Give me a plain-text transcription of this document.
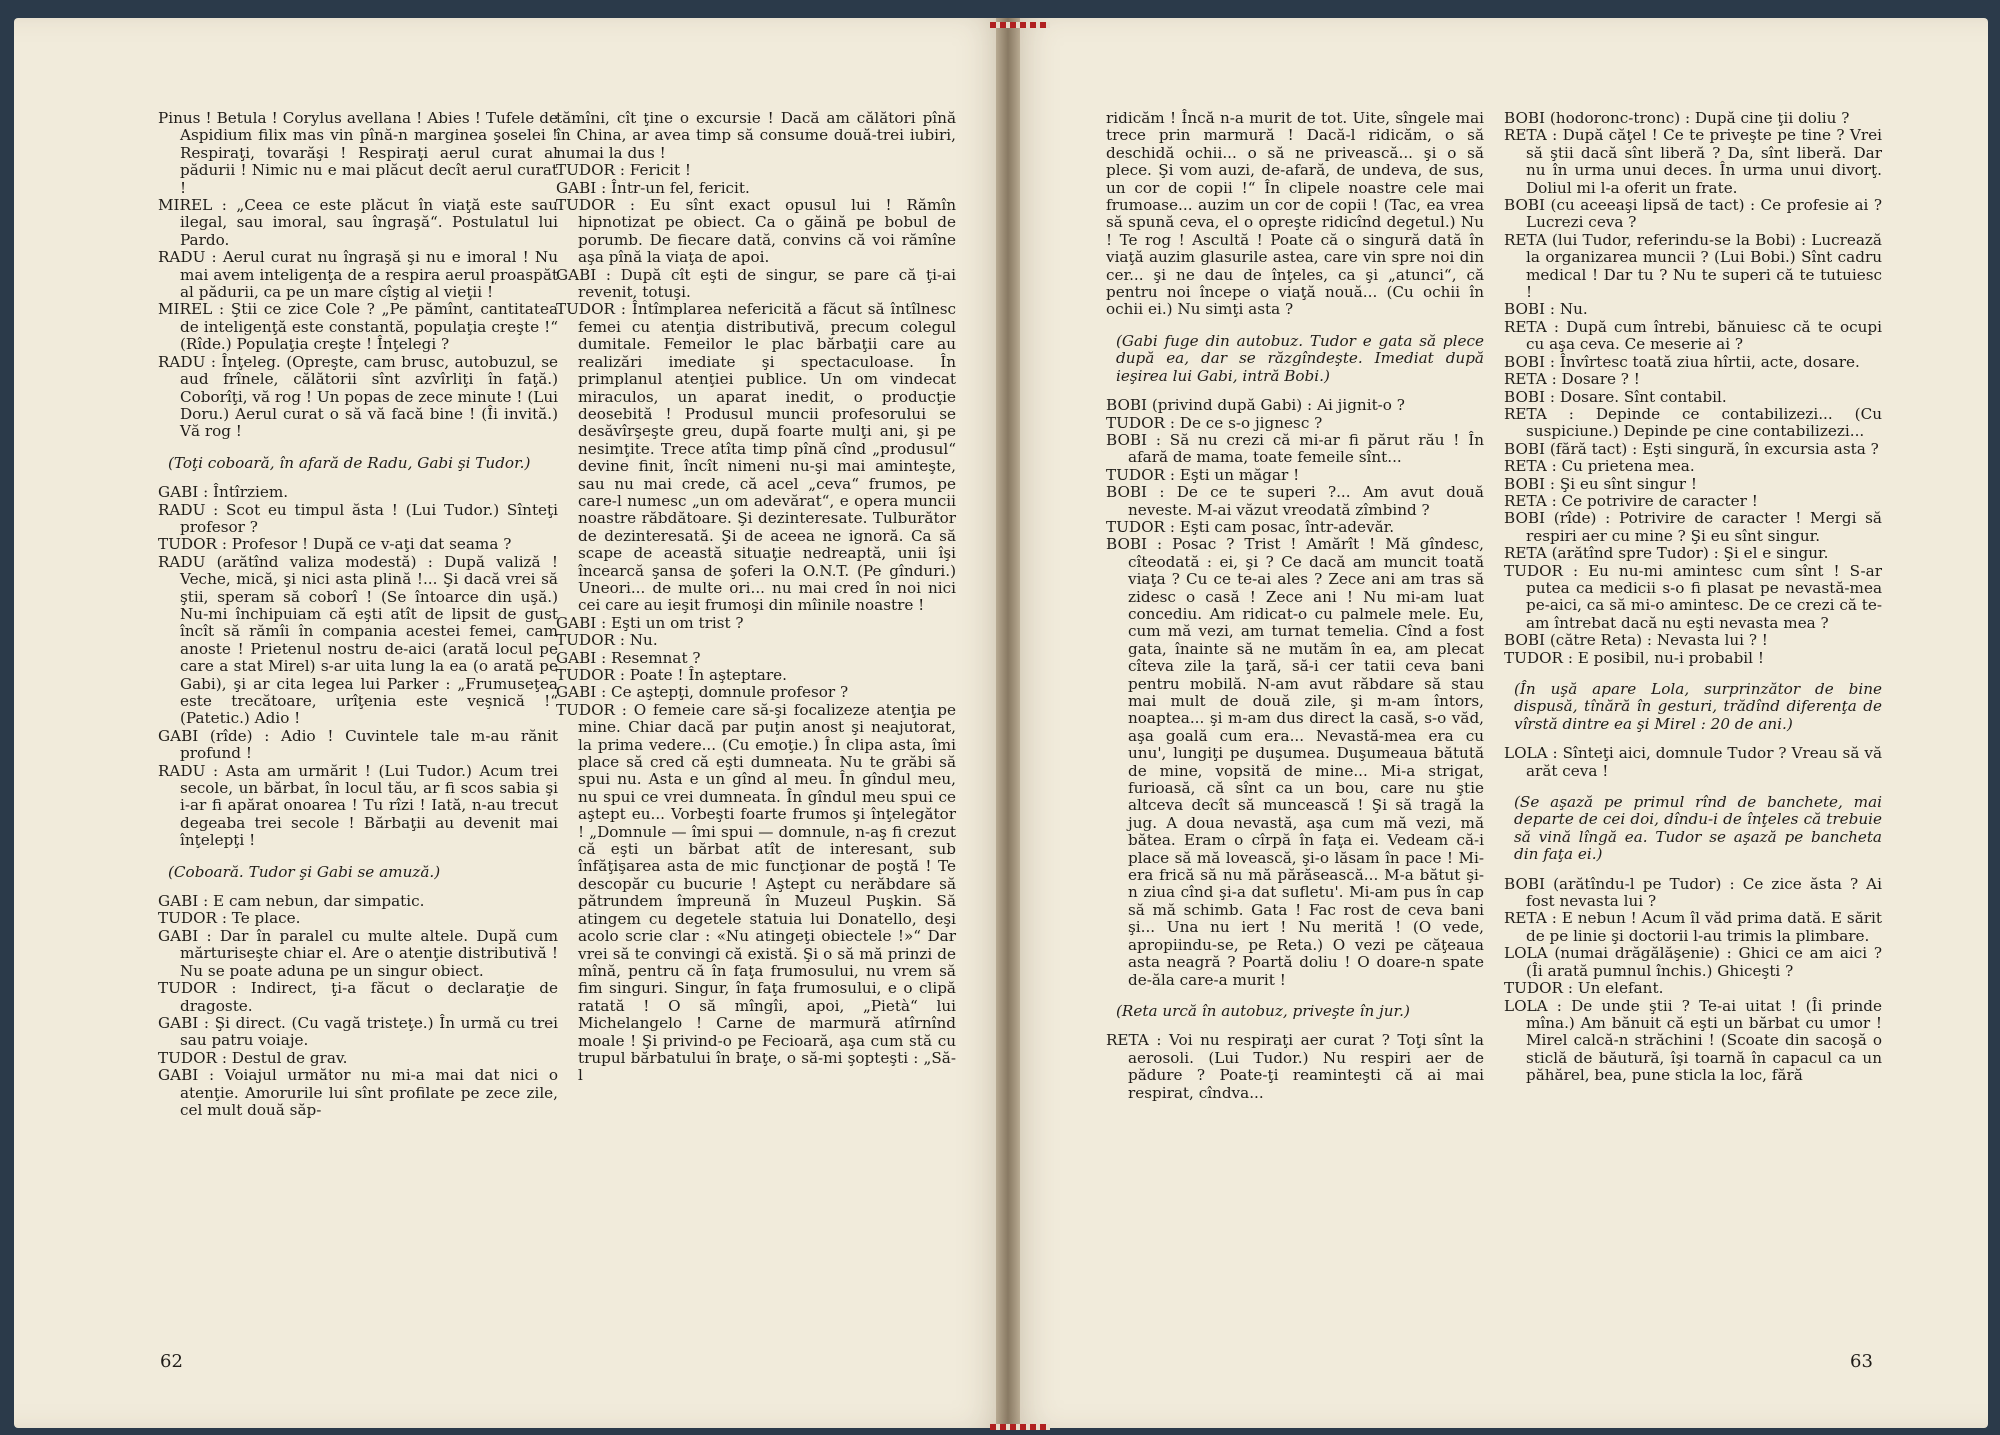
Pinus ! Betula ! Corylus avellana ! Abies ! Tufele de Aspidium filix mas vin pînă-n marginea şoselei ! Respiraţi, tovarăşi ! Respiraţi aerul curat al pădurii ! Nimic nu e mai plăcut decît aerul curat !

MIREL : „Ceea ce este plăcut în viaţă este sau ilegal, sau imoral, sau îngraşă“. Postulatul lui Pardo.

RADU : Aerul curat nu îngraşă şi nu e imoral ! Nu mai avem inteligenţa de a respira aerul proaspăt al pădurii, ca pe un mare cîştig al vieţii !

MIREL : Ştii ce zice Cole ? „Pe pămînt, cantitatea de inteligenţă este constantă, populaţia creşte !“ (Rîde.) Populaţia creşte ! Înţelegi ?

RADU : Înţeleg. (Opreşte, cam brusc, autobuzul, se aud frînele, călătorii sînt azvîrliţi în faţă.) Coborîţi, vă rog ! Un popas de zece minute ! (Lui Doru.) Aerul curat o să vă facă bine ! (Îi invită.) Vă rog !

(Toţi coboară, în afară de Radu, Gabi şi Tudor.)

GABI : Întîrziem.

RADU : Scot eu timpul ăsta ! (Lui Tudor.) Sînteţi profesor ?

TUDOR : Profesor ! După ce v-aţi dat seama ?

RADU (arătînd valiza modestă) : După valiză ! Veche, mică, şi nici asta plină !... Şi dacă vrei să ştii, speram să coborî ! (Se întoarce din uşă.) Nu-mi închipuiam că eşti atît de lipsit de gust încît să rămîi în compania acestei femei, cam anoste ! Prietenul nostru de-aici (arată locul pe care a stat Mirel) s-ar uita lung la ea (o arată pe Gabi), şi ar cita legea lui Parker : „Frumuseţea este trecătoare, urîţenia este veşnică !“ (Patetic.) Adio !

GABI (rîde) : Adio ! Cuvintele tale m-au rănit profund !

RADU : Asta am urmărit ! (Lui Tudor.) Acum trei secole, un bărbat, în locul tău, ar fi scos sabia şi i-ar fi apărat onoarea ! Tu rîzi ! Iată, n-au trecut degeaba trei secole ! Bărbaţii au devenit mai înţelepţi !

(Coboară. Tudor şi Gabi se amuză.)

GABI : E cam nebun, dar simpatic.

TUDOR : Te place.

GABI : Dar în paralel cu multe altele. După cum mărturiseşte chiar el. Are o atenţie distributivă ! Nu se poate aduna pe un singur obiect.

TUDOR : Indirect, ţi-a făcut o declaraţie de dragoste.

GABI : Şi direct. (Cu vagă tristeţe.) În urmă cu trei sau patru voiaje.

TUDOR : Destul de grav.

GABI : Voiajul următor nu mi-a mai dat nici o atenţie. Amorurile lui sînt profilate pe zece zile, cel mult două săp-

tămîni, cît ţine o excursie ! Dacă am călători pînă în China, ar avea timp să consume două-trei iubiri, numai la dus !

TUDOR : Fericit !

GABI : Într-un fel, fericit.

TUDOR : Eu sînt exact opusul lui ! Rămîn hipnotizat pe obiect. Ca o găină pe bobul de porumb. De fiecare dată, convins că voi rămîne aşa pînă la viaţa de apoi.

GABI : După cît eşti de singur, se pare că ţi-ai revenit, totuşi.

TUDOR : Întîmplarea nefericită a făcut să întîlnesc femei cu atenţia distributivă, precum colegul dumitale. Femeilor le plac bărbaţii care au realizări imediate şi spectaculoase. În primplanul atenţiei publice. Un om vindecat miraculos, un aparat inedit, o producţie deosebită ! Produsul muncii profesorului se desăvîrşeşte greu, după foarte mulţi ani, şi pe nesimţite. Trece atîta timp pînă cînd „produsul“ devine finit, încît nimeni nu-şi mai aminteşte, sau nu mai crede, că acel „ceva“ frumos, pe care-l numesc „un om adevărat“, e opera muncii noastre răbdătoare. Şi dezinteresate. Tulburător de dezinteresată. Şi de aceea ne ignoră. Ca să scape de această situaţie nedreaptă, unii îşi încearcă şansa de şoferi la O.N.T. (Pe gînduri.) Uneori... de multe ori... nu mai cred în noi nici cei care au ieşit frumoşi din mîinile noastre !

GABI : Eşti un om trist ?

TUDOR : Nu.

GABI : Resemnat ?

TUDOR : Poate ! În aşteptare.

GABI : Ce aştepţi, domnule profesor ?

TUDOR : O femeie care să-şi focalizeze atenţia pe mine. Chiar dacă par puţin anost şi neajutorat, la prima vedere... (Cu emoţie.) În clipa asta, îmi place să cred că eşti dumneata. Nu te grăbi să spui nu. Asta e un gînd al meu. În gîndul meu, nu spui ce vrei dumneata. În gîndul meu spui ce aştept eu... Vorbeşti foarte frumos şi înţelegător ! „Domnule — îmi spui — domnule, n-aş fi crezut că eşti un bărbat atît de interesant, sub înfăţişarea asta de mic funcţionar de poştă ! Te descopăr cu bucurie ! Aştept cu nerăbdare să pătrundem împreună în Muzeul Puşkin. Să atingem cu degetele statuia lui Donatello, deşi acolo scrie clar : «Nu atingeţi obiectele !»“ Dar vrei să te convingi că există. Şi o să mă prinzi de mînă, pentru că în faţa frumosului, nu vrem să fim singuri. Singur, în faţa frumosului, e o clipă ratată ! O să mîngîi, apoi, „Pietà“ lui Michelangelo ! Carne de marmură atîrnînd moale ! Şi privind-o pe Fecioară, aşa cum stă cu trupul bărbatului în braţe, o să-mi şopteşti : „Să-l

62

ridicăm ! Încă n-a murit de tot. Uite, sîngele mai trece prin marmură ! Dacă-l ridicăm, o să deschidă ochii... o să ne privească... şi o să plece. Şi vom auzi, de-afară, de undeva, de sus, un cor de copii !“ În clipele noastre cele mai frumoase... auzim un cor de copii ! (Tac, ea vrea să spună ceva, el o opreşte ridicînd degetul.) Nu ! Te rog ! Ascultă ! Poate că o singură dată în viaţă auzim glasurile astea, care vin spre noi din cer... şi ne dau de înţeles, ca şi „atunci“, că pentru noi începe o viaţă nouă... (Cu ochii în ochii ei.) Nu simţi asta ?

(Gabi fuge din autobuz. Tudor e gata să plece după ea, dar se răzgîndeşte. Imediat după ieşirea lui Gabi, intră Bobi.)

BOBI (privind după Gabi) : Ai jignit-o ?

TUDOR : De ce s-o jignesc ?

BOBI : Să nu crezi că mi-ar fi părut rău ! În afară de mama, toate femeile sînt...

TUDOR : Eşti un măgar !

BOBI : De ce te superi ?... Am avut două neveste. M-ai văzut vreodată zîmbind ?

TUDOR : Eşti cam posac, într-adevăr.

BOBI : Posac ? Trist ! Amărît ! Mă gîndesc, cîteodată : ei, şi ? Ce dacă am muncit toată viaţa ? Cu ce te-ai ales ? Zece ani am tras să zidesc o casă ! Zece ani ! Nu mi-am luat concediu. Am ridicat-o cu palmele mele. Eu, cum mă vezi, am turnat temelia. Cînd a fost gata, înainte să ne mutăm în ea, am plecat cîteva zile la ţară, să-i cer tatii ceva bani pentru mobilă. N-am avut răbdare să stau mai mult de două zile, şi m-am întors, noaptea... şi m-am dus direct la casă, s-o văd, aşa goală cum era... Nevastă-mea era cu unu', lungiţi pe duşumea. Duşumeaua bătută de mine, vopsită de mine... Mi-a strigat, furioasă, că sînt ca un bou, care nu ştie altceva decît să muncească ! Şi să tragă la jug. A doua nevastă, aşa cum mă vezi, mă bătea. Eram o cîrpă în faţa ei. Vedeam că-i place să mă lovească, şi-o lăsam în pace ! Mi-era frică să nu mă părăsească... M-a bătut şi-n ziua cînd şi-a dat sufletu'. Mi-am pus în cap să mă schimb. Gata ! Fac rost de ceva bani şi... Una nu iert ! Nu merită ! (O vede, apropiindu-se, pe Reta.) O vezi pe căţeaua asta neagră ? Poartă doliu ! O doare-n spate de-ăla care-a murit !

(Reta urcă în autobuz, priveşte în jur.)

RETA : Voi nu respiraţi aer curat ? Toţi sînt la aerosoli. (Lui Tudor.) Nu respiri aer de pădure ? Poate-ţi reaminteşti că ai mai respirat, cîndva...

BOBI (hodoronc-tronc) : După cine ţii doliu ?

RETA : După căţel ! Ce te priveşte pe tine ? Vrei să ştii dacă sînt liberă ? Da, sînt liberă. Dar nu în urma unui deces. În urma unui divorţ. Doliul mi l-a oferit un frate.

BOBI (cu aceeaşi lipsă de tact) : Ce profesie ai ? Lucrezi ceva ?

RETA (lui Tudor, referindu-se la Bobi) : Lucrează la organizarea muncii ? (Lui Bobi.) Sînt cadru medical ! Dar tu ? Nu te superi că te tutuiesc !

BOBI : Nu.

RETA : După cum întrebi, bănuiesc că te ocupi cu aşa ceva. Ce meserie ai ?

BOBI : Învîrtesc toată ziua hîrtii, acte, dosare.

RETA : Dosare ? !

BOBI : Dosare. Sînt contabil.

RETA : Depinde ce contabilizezi... (Cu suspiciune.) Depinde pe cine contabilizezi...

BOBI (fără tact) : Eşti singură, în excursia asta ?

RETA : Cu prietena mea.

BOBI : Şi eu sînt singur !

RETA : Ce potrivire de caracter !

BOBI (rîde) : Potrivire de caracter ! Mergi să respiri aer cu mine ? Şi eu sînt singur.

RETA (arătînd spre Tudor) : Şi el e singur.

TUDOR : Eu nu-mi amintesc cum sînt ! S-ar putea ca medicii s-o fi plasat pe nevastă-mea pe-aici, ca să mi-o amintesc. De ce crezi că te-am întrebat dacă nu eşti nevasta mea ?

BOBI (către Reta) : Nevasta lui ? !

TUDOR : E posibil, nu-i probabil !

(În uşă apare Lola, surprinzător de bine dispusă, tînără în gesturi, trădînd diferenţa de vîrstă dintre ea şi Mirel : 20 de ani.)

LOLA : Sînteţi aici, domnule Tudor ? Vreau să vă arăt ceva !

(Se aşază pe primul rînd de banchete, mai departe de cei doi, dîndu-i de înţeles că trebuie să vină lîngă ea. Tudor se aşază pe bancheta din faţa ei.)

BOBI (arătîndu-l pe Tudor) : Ce zice ăsta ? Ai fost nevasta lui ?

RETA : E nebun ! Acum îl văd prima dată. E sărit de pe linie şi doctorii l-au trimis la plimbare.

LOLA (numai drăgălăşenie) : Ghici ce am aici ? (Îi arată pumnul închis.) Ghiceşti ?

TUDOR : Un elefant.

LOLA : De unde ştii ? Te-ai uitat ! (Îi prinde mîna.) Am bănuit că eşti un bărbat cu umor ! Mirel calcă-n străchini ! (Scoate din sacoşă o sticlă de băutură, îşi toarnă în capacul ca un păhărel, bea, pune sticla la loc, fără

63
